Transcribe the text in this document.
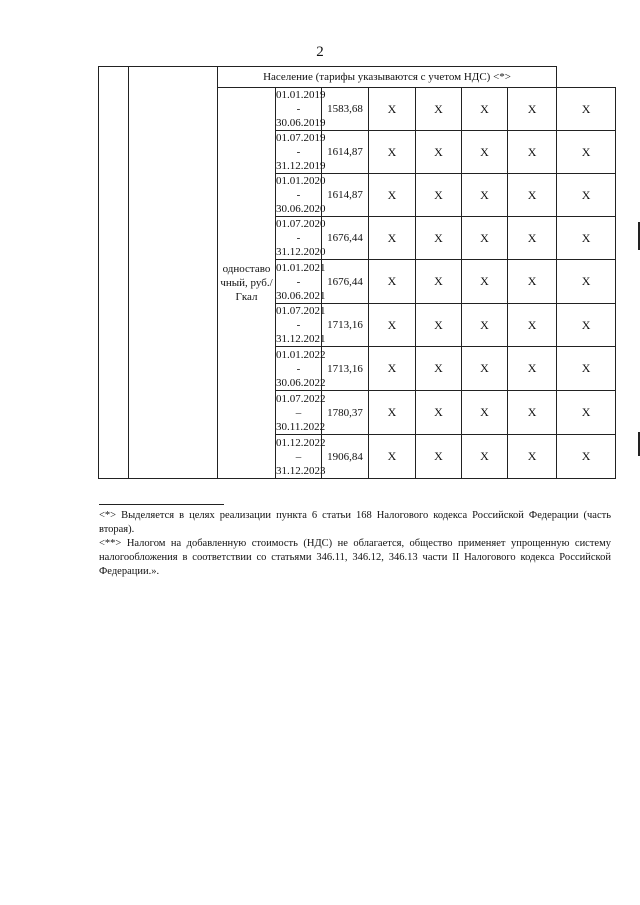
2
		Население (тарифы указываются с учетом НДС) <*>							
		одноставо чный, руб./Гкал	01.01.2019
-
30.06.2019	1583,68	X	X	X	X	X

			01.07.2019
-
31.12.2019	1614,87	X	X	X	X	X

			01.01.2020
-
30.06.2020	1614,87	X	X	X	X	X

			01.07.2020
-
31.12.2020	1676,44	X	X	X	X	X

			01.01.2021
-
30.06.2021	1676,44	X	X	X	X	X

			01.07.2021
-
31.12.2021	1713,16	X	X	X	X	X

			01.01.2022
-
30.06.2022	1713,16	X	X	X	X	X

			01.07.2022
–
30.11.2022	1780,37	X	X	X	X	X

			01.12.2022
–
31.12.2023	1906,84	X	X	X	X	X
<*> Выделяется в целях реализации пункта 6 статьи 168 Налогового кодекса Российской Федерации (часть вторая).
<**> Налогом на добавленную стоимость (НДС) не облагается, общество применяет упрощенную систему налогообложения в соответствии со статьями 346.11, 346.12, 346.13 части II Налогового кодекса Российской Федерации.».
